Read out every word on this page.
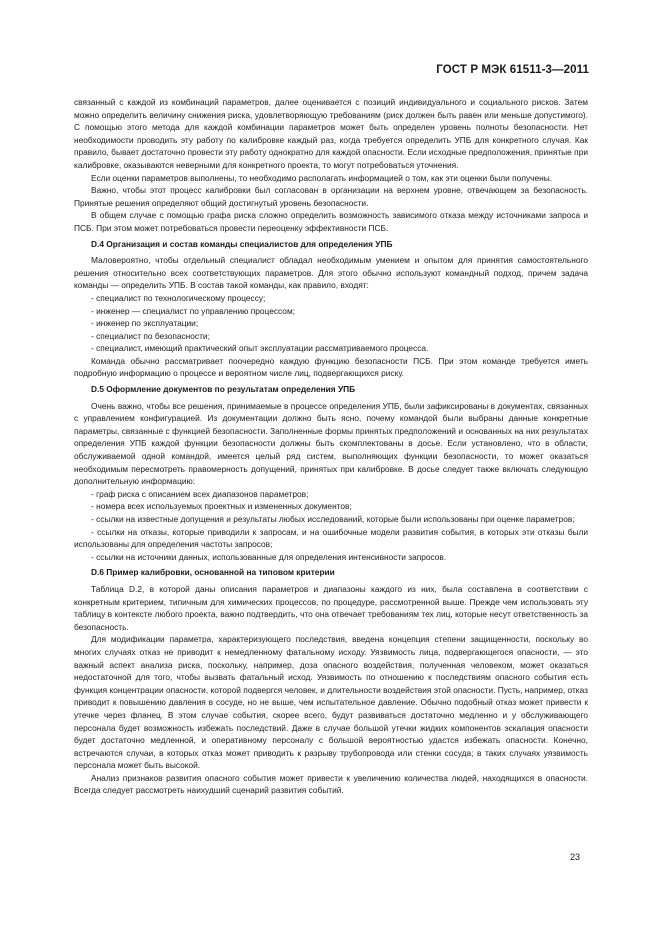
ГОСТ Р МЭК 61511-3—2011

связанный с каждой из комбинаций параметров, далее оценивается с позиций индивидуального и социального рисков. Затем можно определить величину снижения риска, удовлетворяющую требованиям (риск должен быть равен или меньше допустимого). С помощью этого метода для каждой комбинации параметров может быть определен уровень полноты безопасности. Нет необходимости проводить эту работу по калибровке каждый раз, когда требуется определить УПБ для конкретного случая. Как правило, бывает достаточно провести эту работу однократно для каждой опасности. Если исходные предположения, принятые при калибровке, оказываются неверными для конкретного проекта, то могут потребоваться уточнения.

Если оценки параметров выполнены, то необходимо располагать информацией о том, как эти оценки были получены.

Важно, чтобы этот процесс калибровки был согласован в организации на верхнем уровне, отвечающем за безопасность. Принятые решения определяют общий достигнутый уровень безопасности.

В общем случае с помощью графа риска сложно определить возможность зависимого отказа между источниками запроса и ПСБ. При этом может потребоваться провести переоценку эффективности ПСБ.

D.4 Организация и состав команды специалистов для определения УПБ

Маловероятно, чтобы отдельный специалист обладал необходимым умением и опытом для принятия самостоятельного решения относительно всех соответствующих параметров. Для этого обычно используют командный подход, причем задача команды — определить УПБ. В состав такой команды, как правило, входят:

- специалист по технологическому процессу;
- инженер — специалист по управлению процессом;
- инженер по эксплуатации;
- специалист по безопасности;
- специалист, имеющий практический опыт эксплуатации рассматриваемого процесса.

Команда обычно рассматривает поочередно каждую функцию безопасности ПСБ. При этом команде требуется иметь подробную информацию о процессе и вероятном числе лиц, подвергающихся риску.

D.5 Оформление документов по результатам определения УПБ

Очень важно, чтобы все решения, принимаемые в процессе определения УПБ, были зафиксированы в документах, связанных с управлением конфигурацией. Из документации должно быть ясно, почему командой были выбраны данные конкретные параметры, связанные с функцией безопасности. Заполненные формы принятых предположений и основанных на них результатах определения УПБ каждой функции безопасности должны быть скомплектованы в досье. Если установлено, что в области, обслуживаемой одной командой, имеется целый ряд систем, выполняющих функции безопасности, то может оказаться необходимым пересмотреть правомерность допущений, принятых при калибровке. В досье следует также включать следующую дополнительную информацию:

- граф риска с описанием всех диапазонов параметров;
- номера всех используемых проектных и измененных документов;
- ссылки на известные допущения и результаты любых исследований, которые были использованы при оценке параметров;
- ссылки на отказы, которые приводили к запросам, и на ошибочные модели развития события, в которых эти отказы были использованы для определения частоты запросов;
- ссылки на источники данных, использованные для определения интенсивности запросов.
D.6 Пример калибровки, основанной на типовом критерии

Таблица D.2, в которой даны описания параметров и диапазоны каждого из них, была составлена в соответствии с конкретным критерием, типичным для химических процессов, по процедуре, рассмотренной выше. Прежде чем использовать эту таблицу в контексте любого проекта, важно подтвердить, что она отвечает требованиям тех лиц, которые несут ответственность за безопасность.

Для модификации параметра, характеризующего последствия, введена концепция степени защищенности, поскольку во многих случаях отказ не приводит к немедленному фатальному исходу. Уязвимость лица, подвергающегося опасности, — это важный аспект анализа риска, поскольку, например, доза опасного воздействия, полученная человеком, может оказаться недостаточной для того, чтобы вызвать фатальный исход. Уязвимость по отношению к последствиям опасного события есть функция концентрации опасности, которой подвергся человек, и длительности воздействия этой опасности. Пусть, например, отказ приводит к повышению давления в сосуде, но не выше, чем испытательное давление. Обычно подобный отказ может привести к утечке через фланец. В этом случае события, скорее всего, будут развиваться достаточно медленно и у обслуживающего персонала будет возможность избежать последствий. Даже в случае большой утечки жидких компонентов эскалация опасности будет достаточно медленной, и оперативному персоналу с большой вероятностью удастся избежать опасности. Конечно, встречаются случаи, в которых отказ может приводить к разрыву трубопровода или стенки сосуда; в таких случаях уязвимость персонала может быть высокой.

Анализ признаков развития опасного события может привести к увеличению количества людей, находящихся в опасности. Всегда следует рассмотреть наихудший сценарий развития событий.

23
